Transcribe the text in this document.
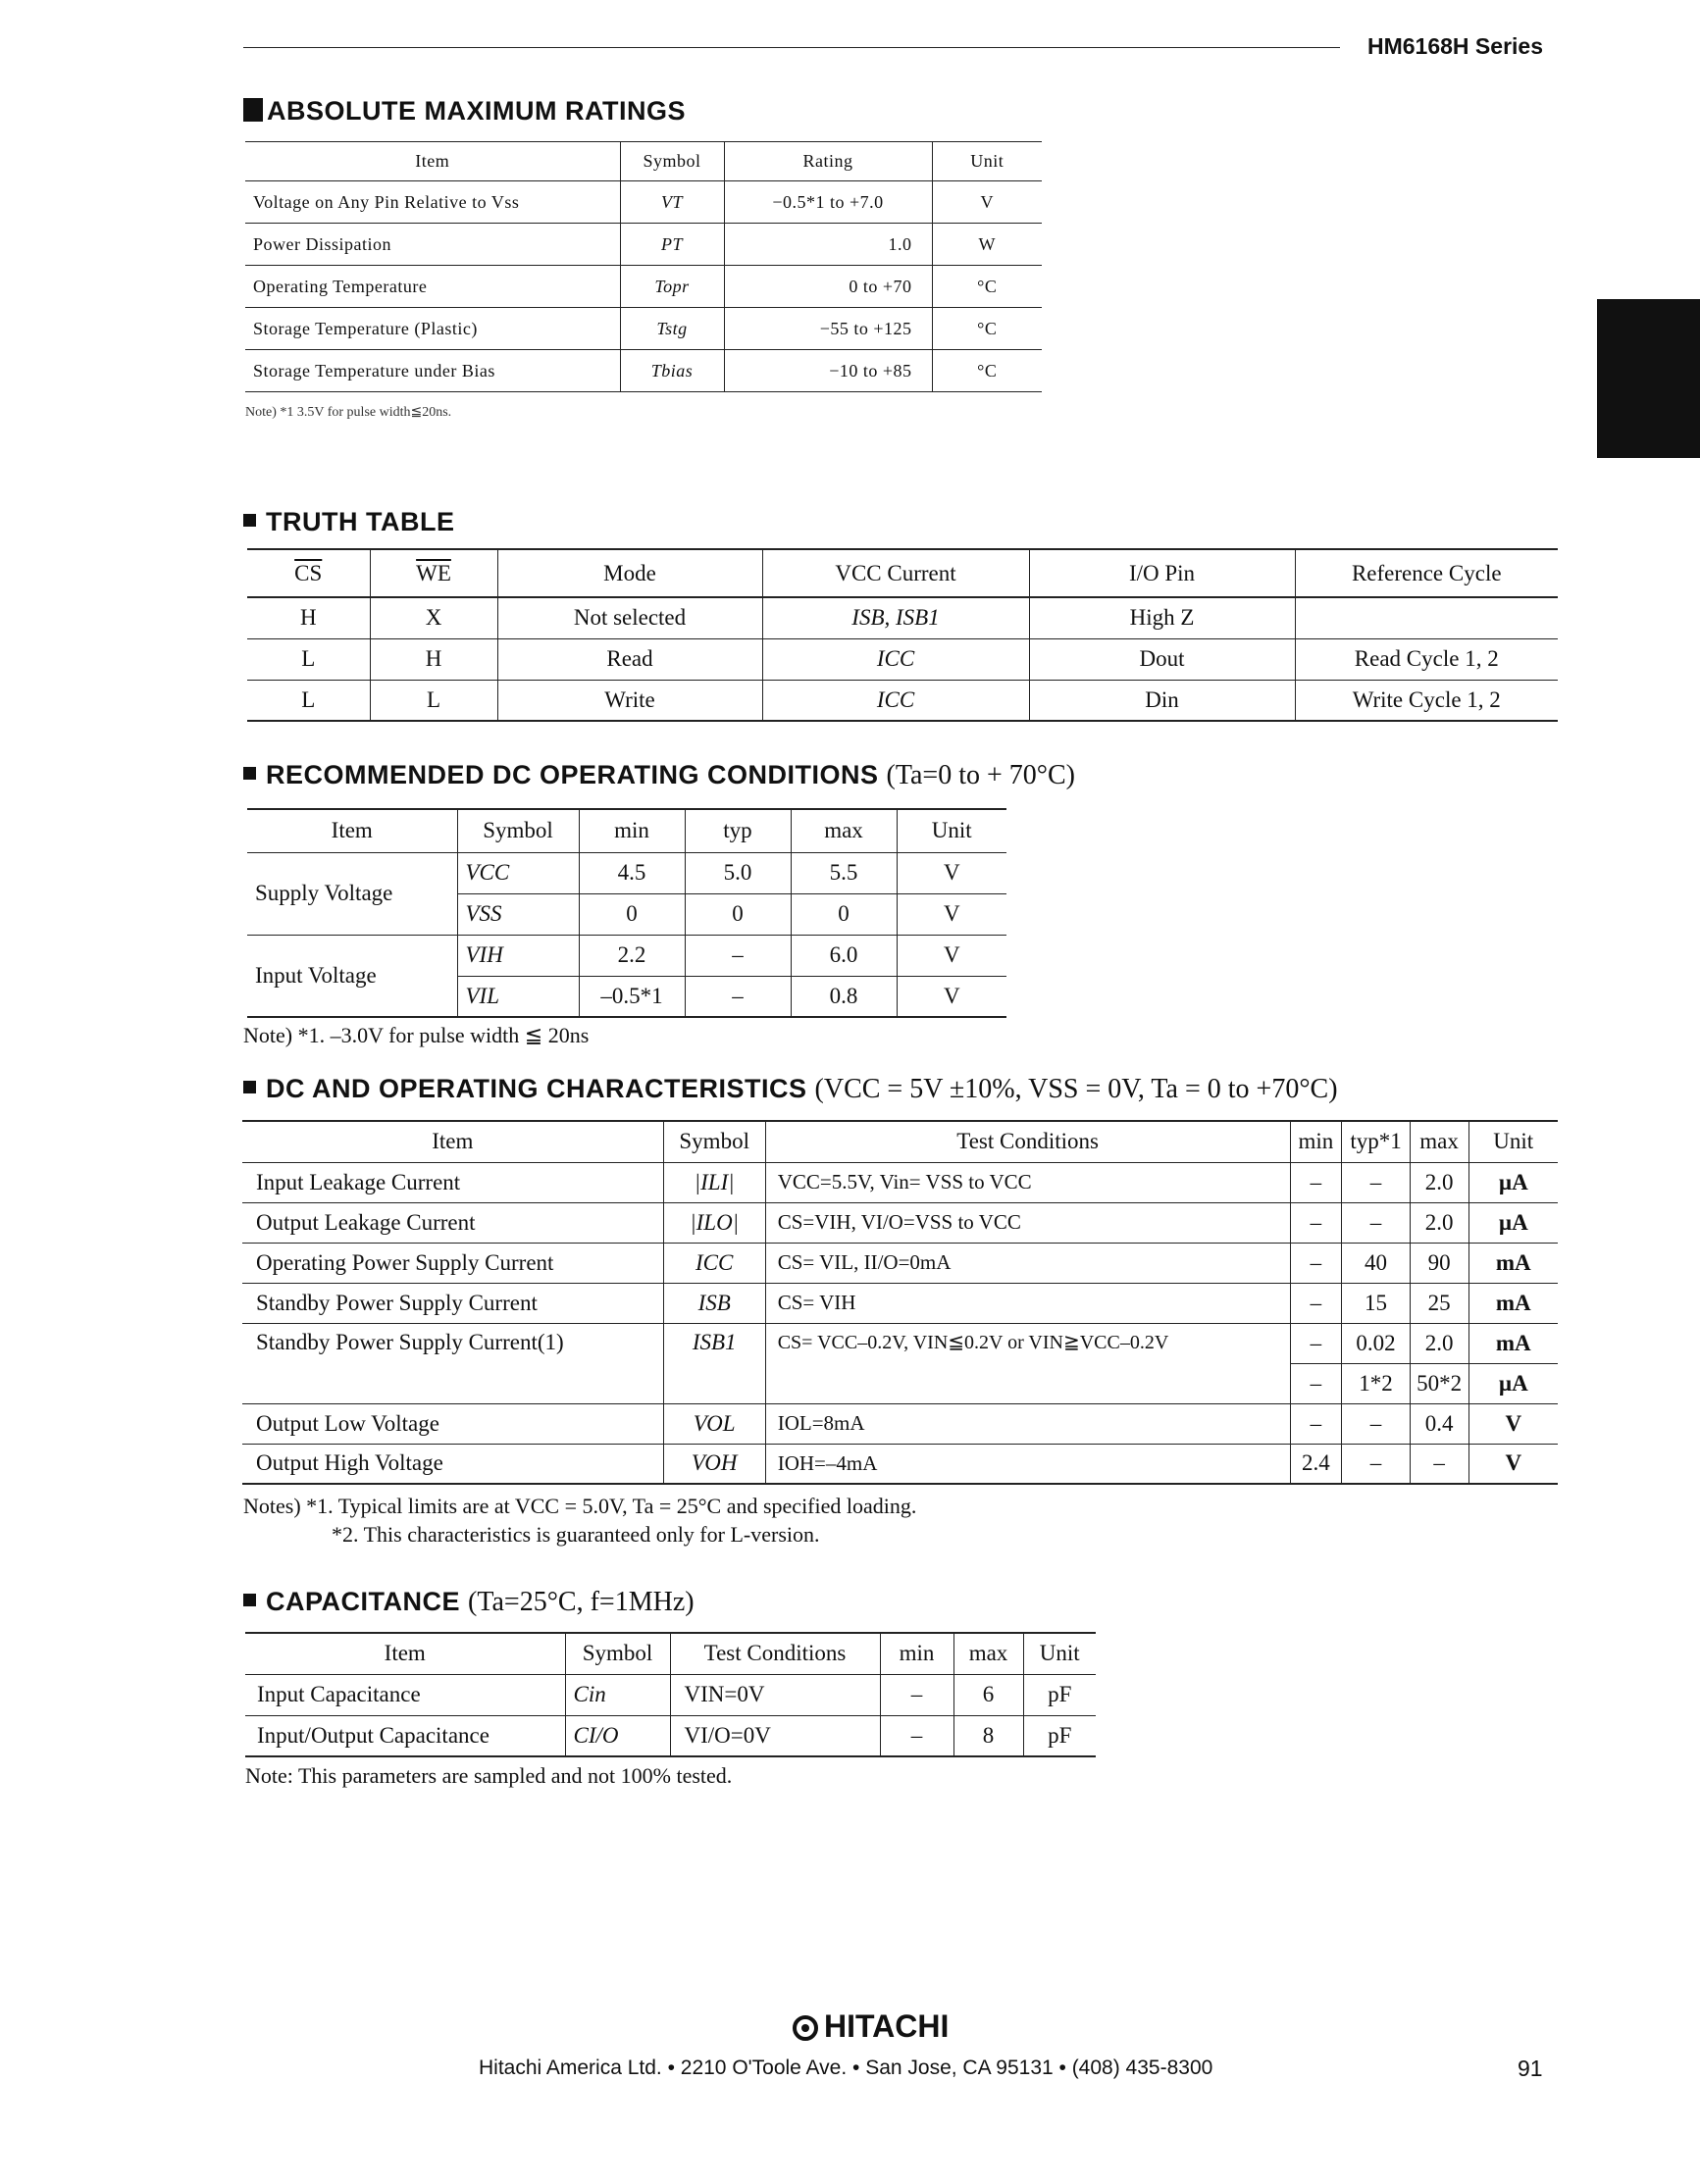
HM6168H Series
ABSOLUTE MAXIMUM RATINGS
Item	Symbol	Rating	Unit
Voltage on Any Pin Relative to Vss	VT	−0.5*1 to +7.0	V
Power Dissipation	PT	1.0	W
Operating Temperature	Topr	0 to +70	°C
Storage Temperature (Plastic)	Tstg	−55 to +125	°C
Storage Temperature under Bias	Tbias	−10 to +85	°C
Note) *1 3.5V for pulse width≦20ns.
TRUTH TABLE
$\overline{CS}$	$\overline{WE}$	Mode	VCC Current	I/O Pin	Reference Cycle
H	X	Not selected	ISB, ISB1	High Z	
L	H	Read	ICC	Dout	Read Cycle 1, 2
L	L	Write	ICC	Din	Write Cycle 1, 2
RECOMMENDED DC OPERATING CONDITIONS (Ta=0 to + 70°C)
Item	Symbol	min	typ	max	Unit
Supply Voltage	VCC	4.5	5.0	5.5	V
	VSS	0	0	0	V
Input Voltage	VIH	2.2	–	6.0	V
	VIL	–0.5*1	–	0.8	V
Note) *1. –3.0V for pulse width ≦ 20ns
DC AND OPERATING CHARACTERISTICS (VCC = 5V ±10%, VSS = 0V, Ta = 0 to +70°C)
Item	Symbol	Test Conditions	min	typ*1	max	Unit
Input Leakage Current	|ILI|	VCC=5.5V, Vin= VSS to VCC	–	–	2.0	µA
Output Leakage Current	|ILO|	CS=VIH, VI/O=VSS to VCC	–	–	2.0	µA
Operating Power Supply Current	ICC	CS= VIL, II/O=0mA	–	40	90	mA
Standby Power Supply Current	ISB	CS= VIH	–	15	25	mA
Standby Power Supply Current(1)	ISB1	CS= VCC–0.2V, VIN≦0.2V or VIN≧VCC–0.2V	–	0.02	2.0	mA
			–	1*2	50*2	µA
Output Low Voltage	VOL	IOL=8mA	–	–	0.4	V
Output High Voltage	VOH	IOH=–4mA	2.4	–	–	V
Notes) *1. Typical limits are at VCC = 5.0V, Ta = 25°C and specified loading.
*2. This characteristics is guaranteed only for L-version.
CAPACITANCE (Ta=25°C, f=1MHz)
Item	Symbol	Test Conditions	min	max	Unit
Input Capacitance	Cin	VIN=0V	–	6	pF
Input/Output Capacitance	CI/O	VI/O=0V	–	8	pF
Note: This parameters are sampled and not 100% tested.
HITACHI
Hitachi America Ltd. • 2210 O'Toole Ave. • San Jose, CA 95131 • (408) 435-8300	91
